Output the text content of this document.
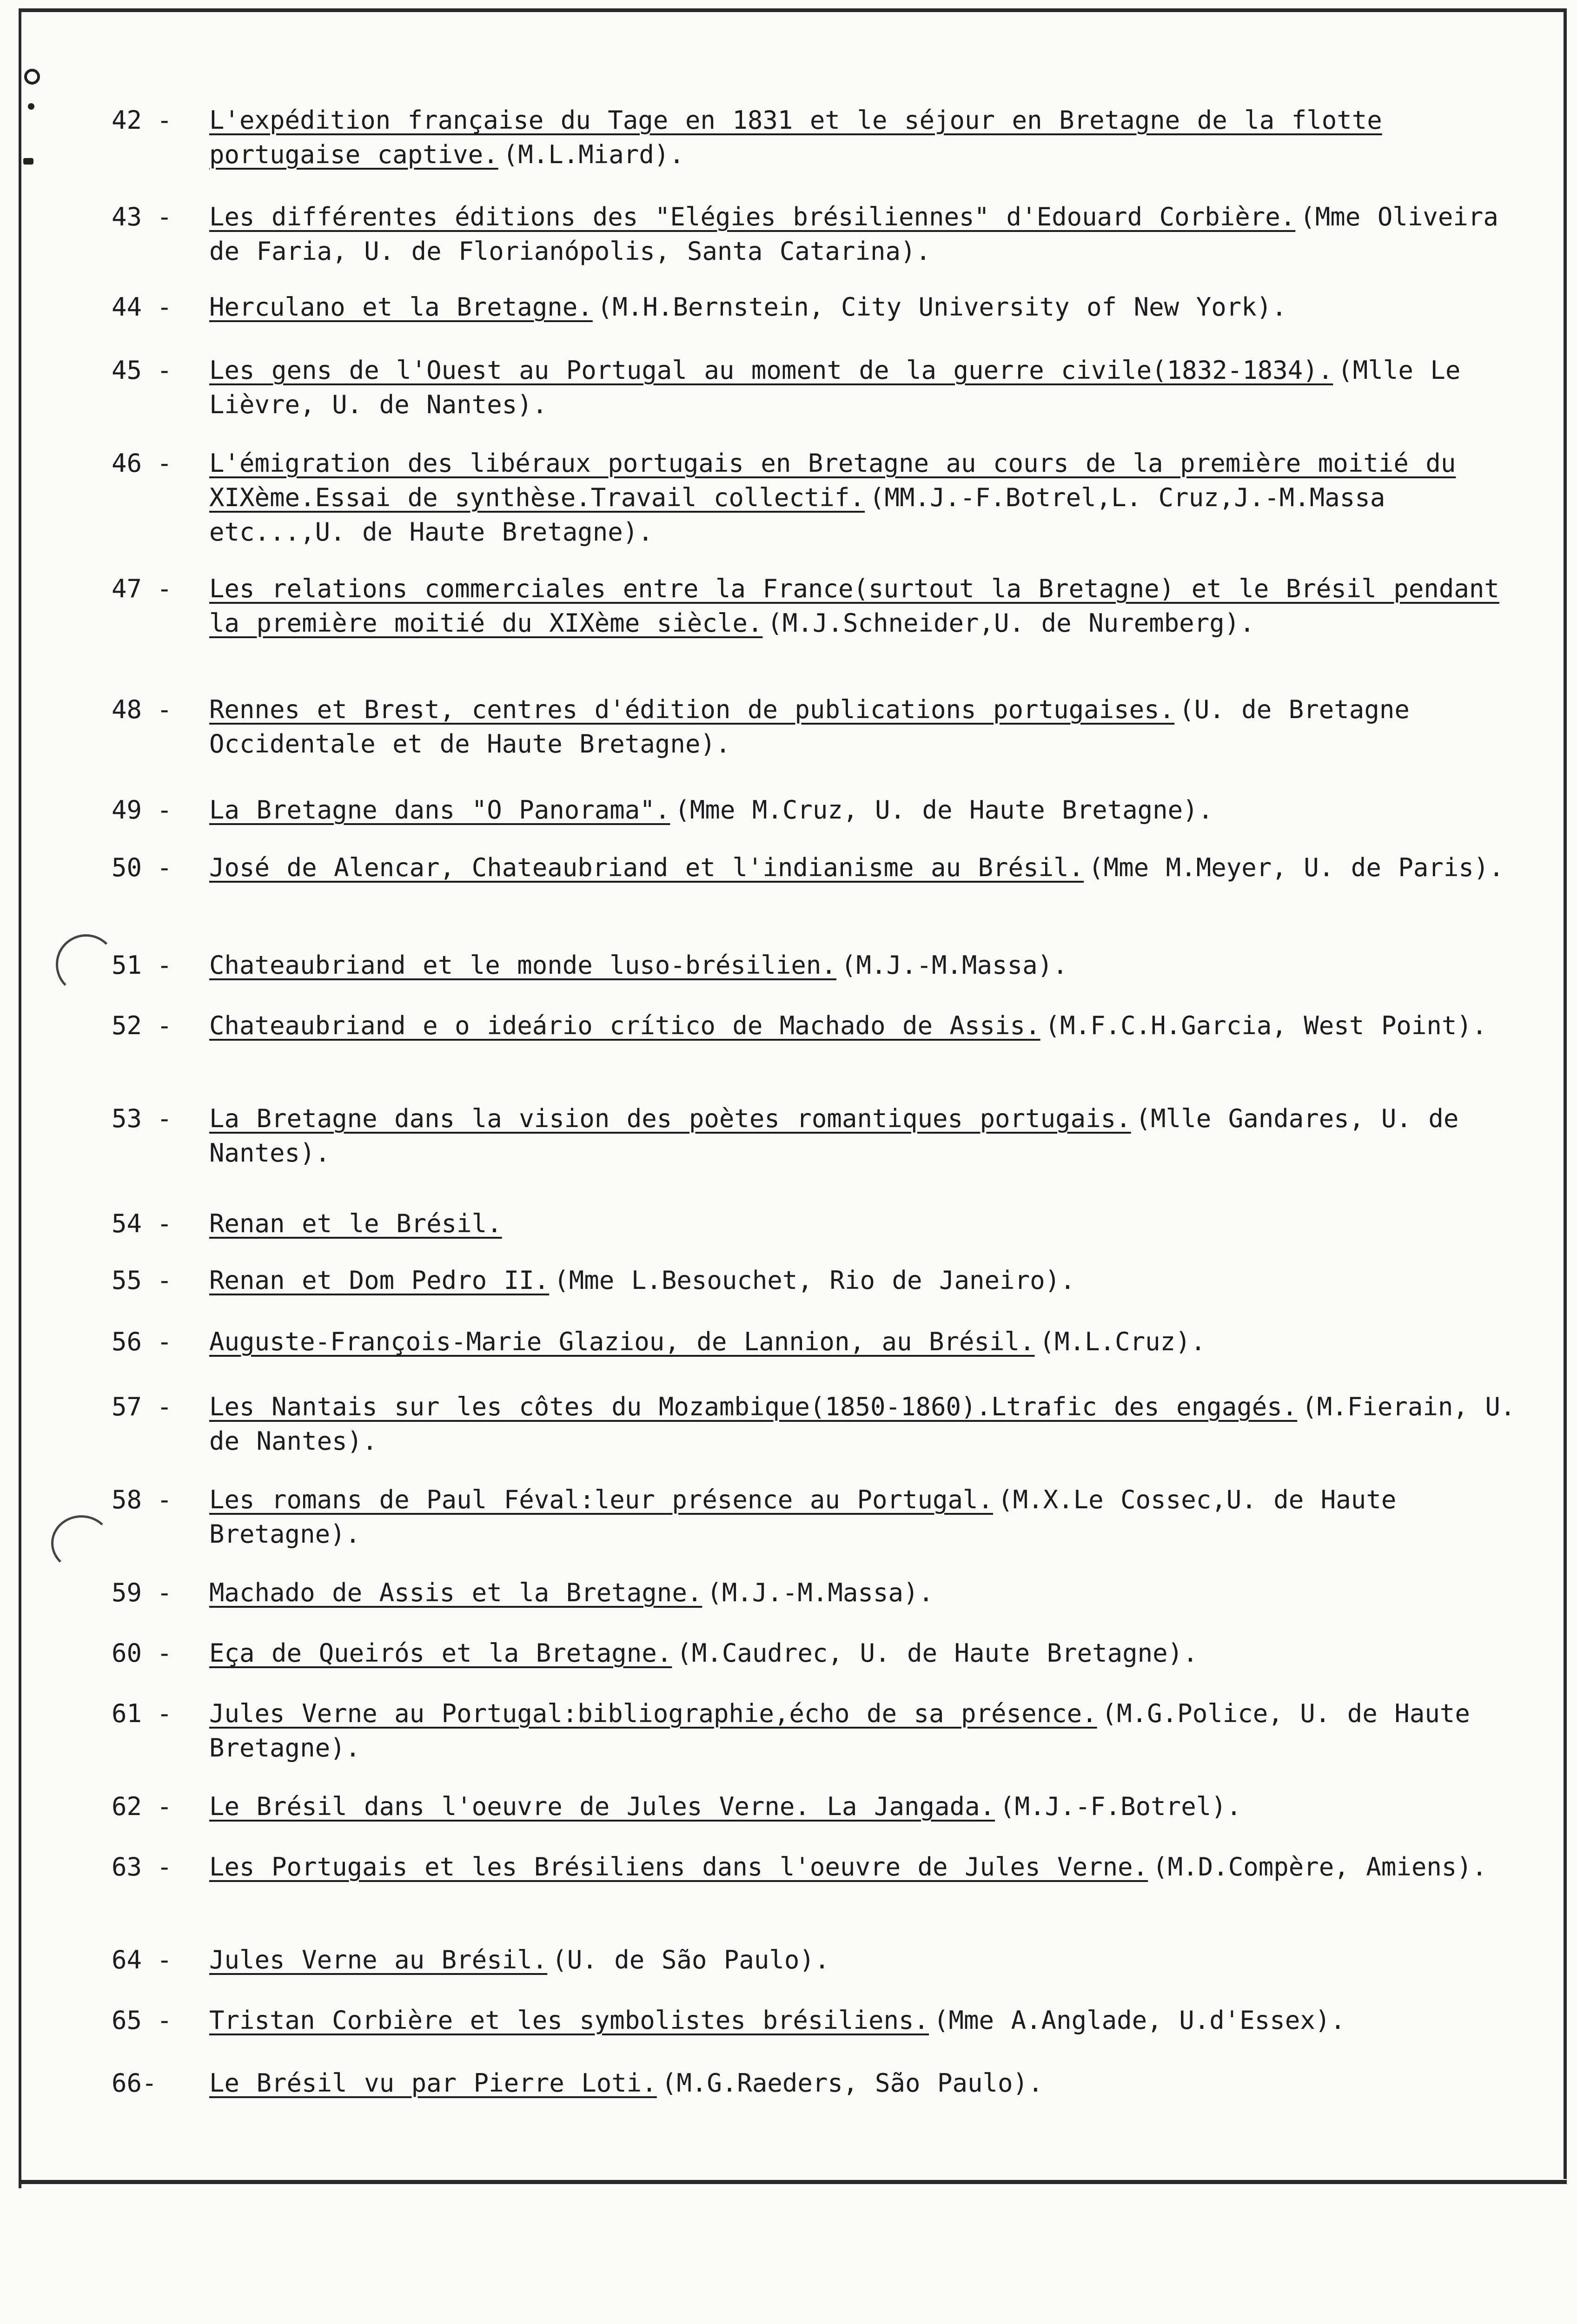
42 -	L'expédition française du Tage en 1831 et le séjour en Bretagne de la flotte portugaise captive. (M.L.Miard).
43 -	Les différentes éditions des "Elégies brésiliennes" d'Edouard Corbière. (Mme Oliveira de Faria, U. de Florianópolis, Santa Catarina).
44 -	Herculano et la Bretagne. (M.H.Bernstein, City University of New York).
45 -	Les gens de l'Ouest au Portugal au moment de la guerre civile(1832-1834). (Mlle Le Lièvre, U. de Nantes).
46 -	L'émigration des libéraux portugais en Bretagne au cours de la première moitié du XIXème.Essai de synthèse.Travail collectif. (MM.J.-F.Botrel,L. Cruz,J.-M.Massa etc...,U. de Haute Bretagne).
47 -	Les relations commerciales entre la France(surtout la Bretagne) et le Brésil pendant la première moitié du XIXème siècle. (M.J.Schneider,U. de Nuremberg).
48 -	Rennes et Brest, centres d'édition de publications portugaises. (U. de Bretagne Occidentale et de Haute Bretagne).
49 -	La Bretagne dans "O Panorama". (Mme M.Cruz, U. de Haute Bretagne).
50 -	José de Alencar, Chateaubriand et l'indianisme au Brésil. (Mme M.Meyer, U. de Paris).
51 -	Chateaubriand et le monde luso-brésilien. (M.J.-M.Massa).
52 -	Chateaubriand e o ideário crítico de Machado de Assis. (M.F.C.H.Garcia, West Point).
53 -	La Bretagne dans la vision des poètes romantiques portugais. (Mlle Gandares, U. de Nantes).
54 -	Renan et le Brésil.
55 -	Renan et Dom Pedro II. (Mme L.Besouchet, Rio de Janeiro).
56 -	Auguste-François-Marie Glaziou, de Lannion, au Brésil. (M.L.Cruz).
57 -	Les Nantais sur les côtes du Mozambique(1850-1860).Ltrafic des engagés. (M.Fierain, U. de Nantes).
58 -	Les romans de Paul Féval:leur présence au Portugal. (M.X.Le Cossec,U. de Haute Bretagne).
59 -	Machado de Assis et la Bretagne. (M.J.-M.Massa).
60 -	Eça de Queirós et la Bretagne. (M.Caudrec, U. de Haute Bretagne).
61 -	Jules Verne au Portugal:bibliographie,écho de sa présence. (M.G.Police, U. de Haute Bretagne).
62 -	Le Brésil dans l'oeuvre de Jules Verne. La Jangada. (M.J.-F.Botrel).
63 -	Les Portugais et les Brésiliens dans l'oeuvre de Jules Verne. (M.D.Compère, Amiens).
64 -	Jules Verne au Brésil. (U. de São Paulo).
65 -	Tristan Corbière et les symbolistes brésiliens. (Mme A.Anglade, U.d'Essex).
66-	Le Brésil vu par Pierre Loti. (M.G.Raeders, São Paulo).
